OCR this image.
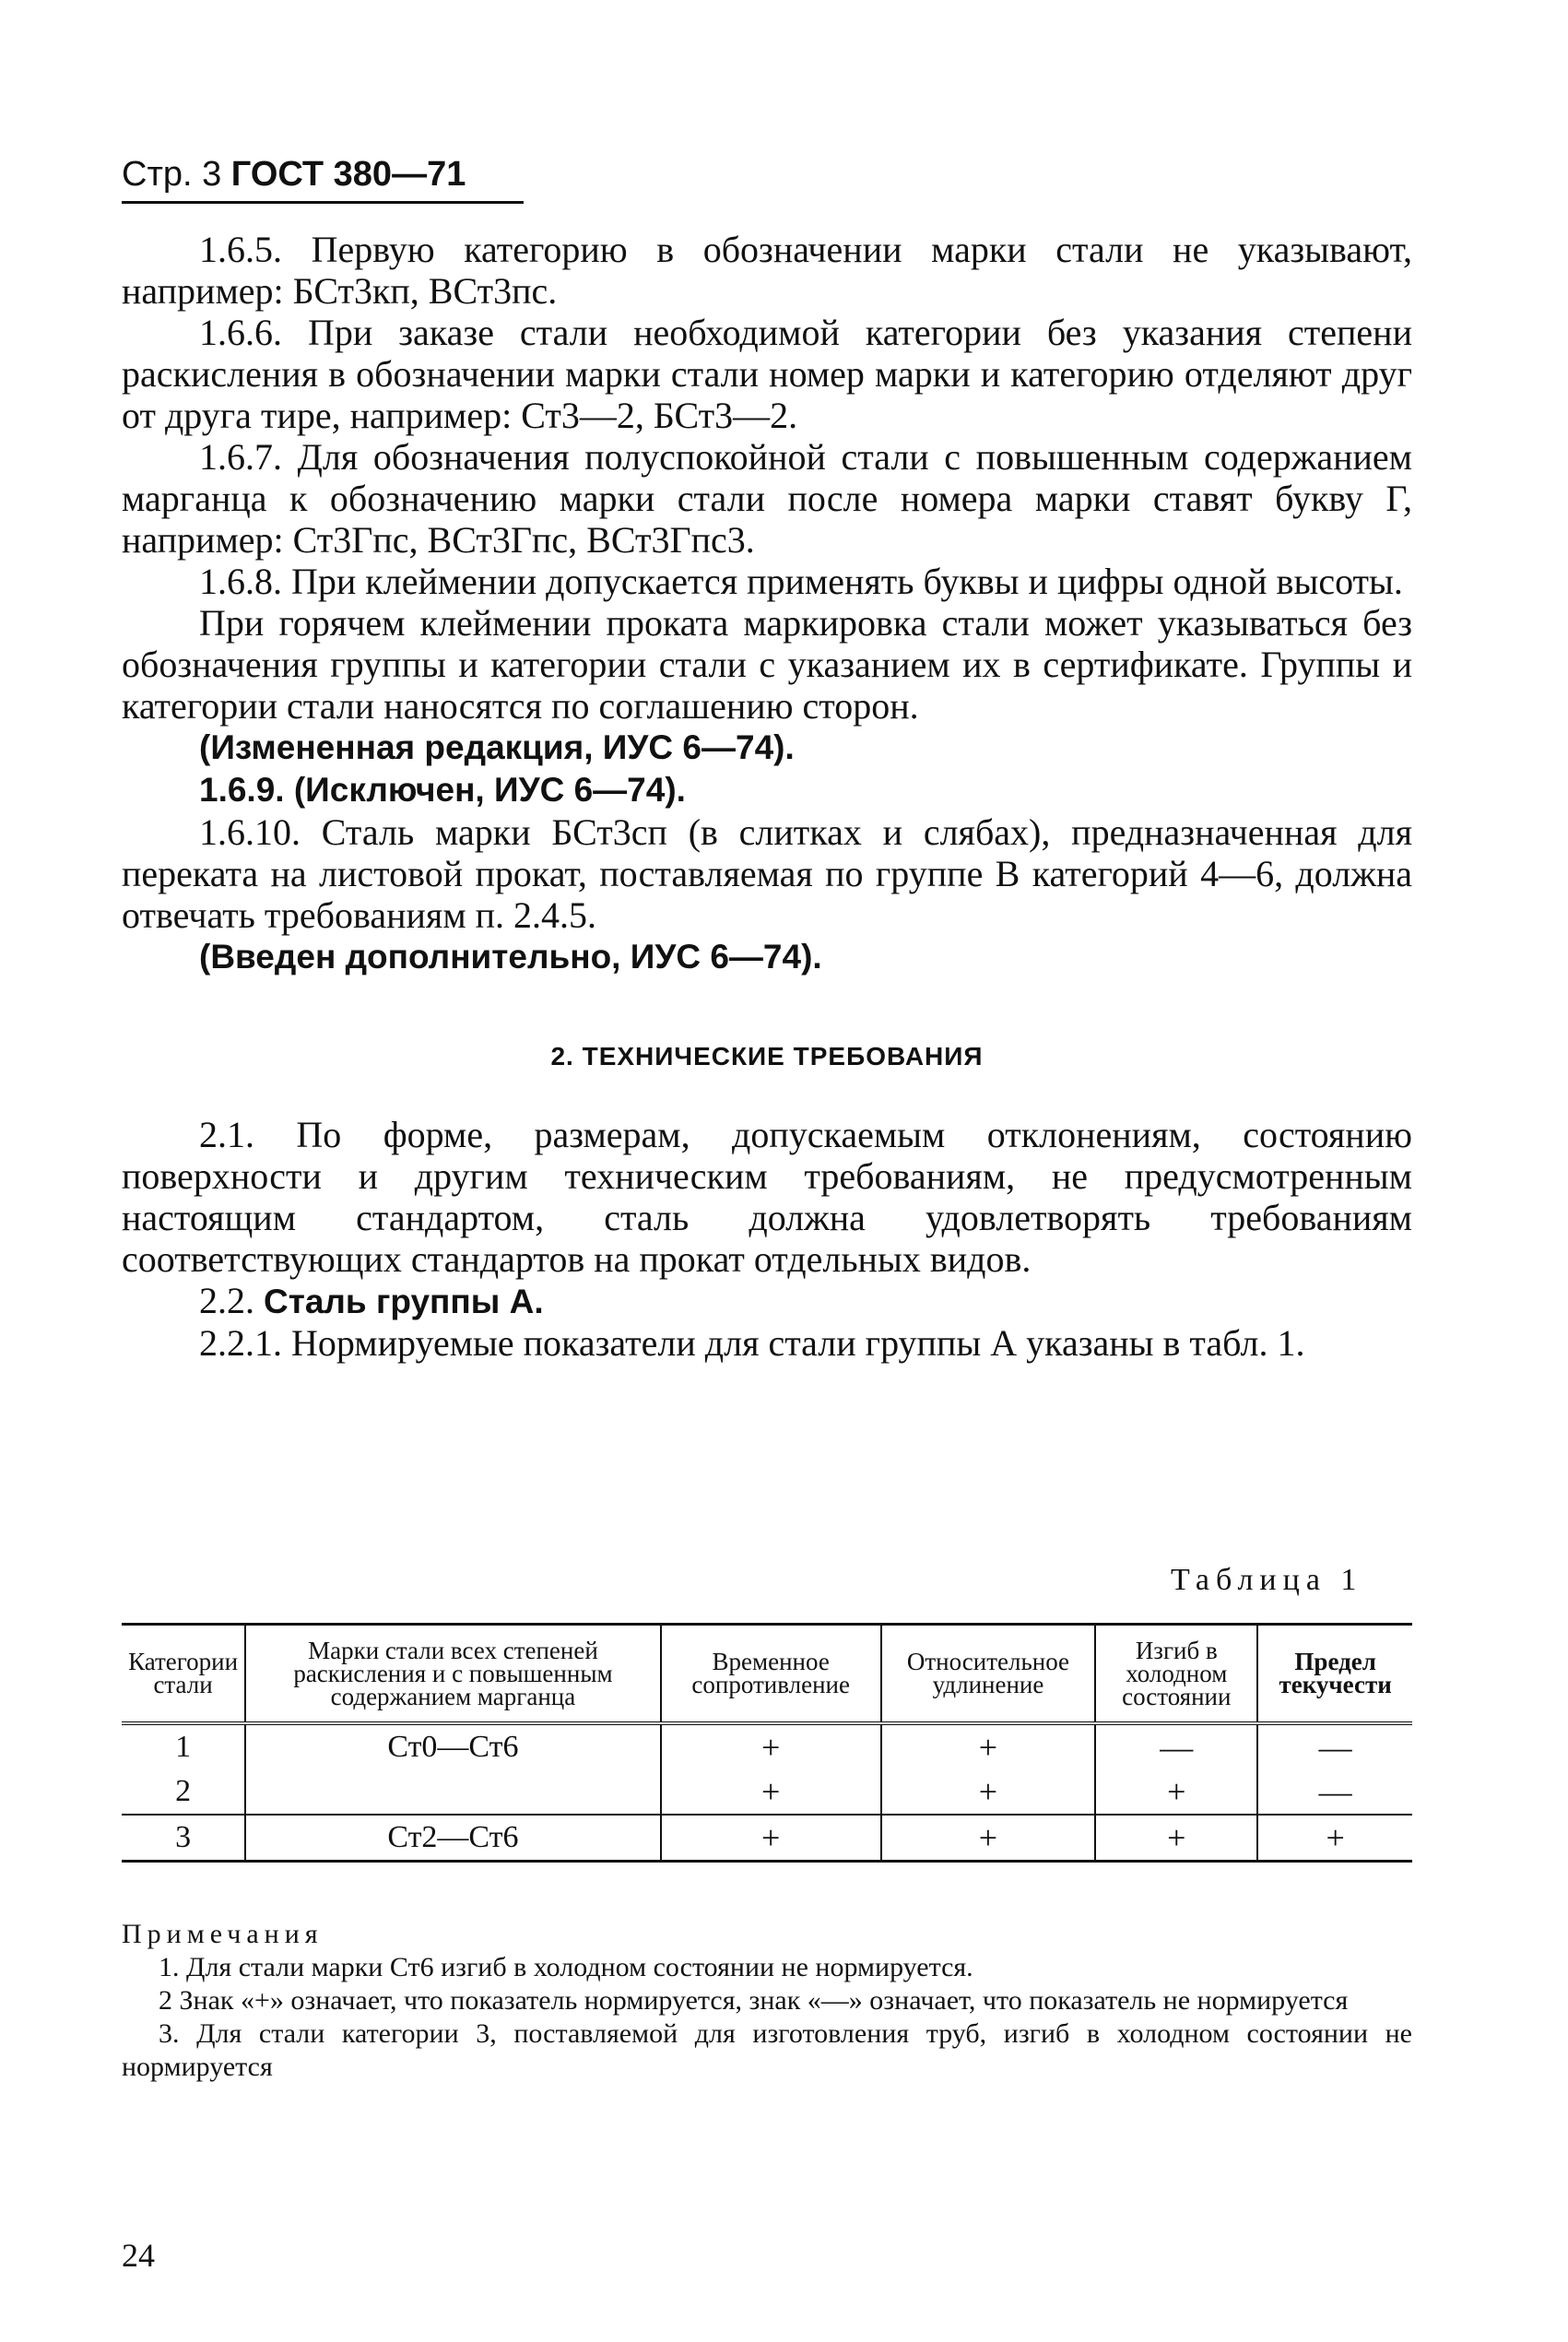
Стр. 3 ГОСТ 380—71

1.6.5. Первую категорию в обозначении марки стали не указывают, например: БСт3кп, ВСт3пс.

1.6.6. При заказе стали необходимой категории без указания степени раскисления в обозначении марки стали номер марки и категорию отделяют друг от друга тире, например: Ст3—2, БСт3—2.

1.6.7. Для обозначения полуспокойной стали с повышенным содержанием марганца к обозначению марки стали после номера марки ставят букву Г, например: Ст3Гпс, ВСт3Гпс, ВСт3Гпс3.

1.6.8. При клеймении допускается применять буквы и цифры одной высоты.

При горячем клеймении проката маркировка стали может указываться без обозначения группы и категории стали с указанием их в сертификате. Группы и категории стали наносятся по соглашению сторон.

(Измененная редакция, ИУС 6—74).

1.6.9. (Исключен, ИУС 6—74).

1.6.10. Сталь марки БСт3сп (в слитках и слябах), предназначенная для переката на листовой прокат, поставляемая по группе В категорий 4—6, должна отвечать требованиям п. 2.4.5.

(Введен дополнительно, ИУС 6—74).

2. ТЕХНИЧЕСКИЕ ТРЕБОВАНИЯ

2.1. По форме, размерам, допускаемым отклонениям, состоянию поверхности и другим техническим требованиям, не предусмотренным настоящим стандартом, сталь должна удовлетворять требованиям соответствующих стандартов на прокат отдельных видов.

2.2. Сталь группы А.

2.2.1. Нормируемые показатели для стали группы А указаны в табл. 1.

Таблица 1
Категории стали	Марки стали всех степеней раскисления и с повышенным содержанием марганца	Временное сопротивление	Относительное удлинение	Изгиб в холодном состоянии	Предел текучести
1	Ст0—Ст6	+	+	—	—
2		+	+	+	—
3	Ст2—Ст6	+	+	+	+

Примечания

1. Для стали марки Ст6 изгиб в холодном состоянии не нормируется.

2 Знак «+» означает, что показатель нормируется, знак «—» означает, что показатель не нормируется

3. Для стали категории 3, поставляемой для изготовления труб, изгиб в холодном состоянии не нормируется

24
